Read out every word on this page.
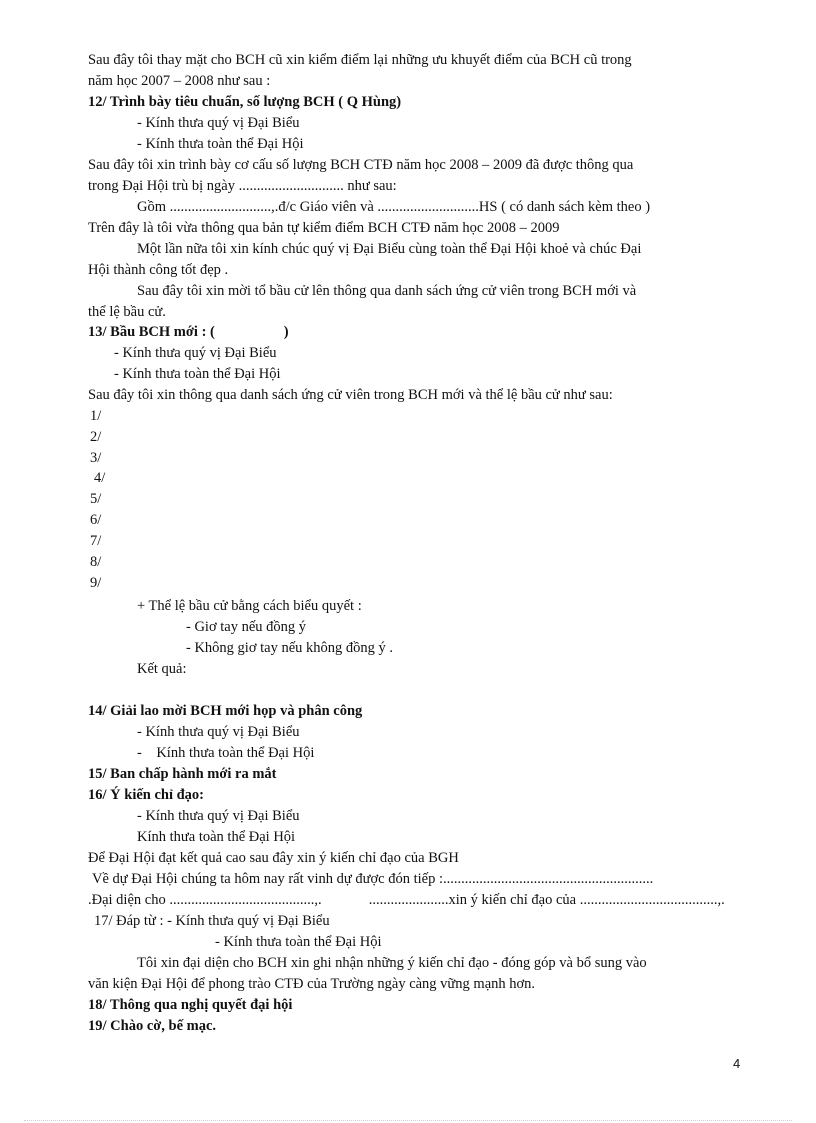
Sau đây tôi thay mặt cho BCH cũ xin kiểm điểm lại những ưu khuyết điểm của BCH cũ trong
năm học 2007 – 2008 như sau :
12/ Trình bày tiêu chuẩn, số lượng BCH ( Q Hùng)
- Kính thưa quý vị Đại Biểu
- Kính thưa toàn thể Đại Hội
Sau đây tôi xin trình bày cơ cấu số lượng BCH CTĐ năm học 2008 – 2009 đã được thông qua
trong Đại Hội trù bị ngày ............................. như sau:
Gồm ............................,.đ/c Giáo viên và ............................HS ( có danh sách kèm theo )
Trên đây là tôi vừa thông qua bản tự kiểm điểm BCH CTĐ năm học 2008 – 2009
Một lần nữa tôi xin kính chúc quý vị Đại Biểu cùng toàn thể Đại Hội khoẻ và chúc Đại
Hội thành công tốt đẹp .
Sau đây tôi xin mời tổ bầu cử lên thông qua danh sách ứng cử viên trong BCH mới và
thể lệ bầu cử.
13/ Bầu BCH mới : (                   )
- Kính thưa quý vị Đại Biểu
- Kính thưa toàn thể Đại Hội
Sau đây tôi xin thông qua danh sách ứng cử viên trong BCH mới và thể lệ bầu cử như sau:
1/
2/
3/
4/
5/
6/
7/
8/
9/
+ Thể lệ bầu cử bằng cách biểu quyết :
- Giơ tay nếu đồng ý
- Không giơ tay nếu không đồng ý .
Kết quả:
14/ Giải lao mời BCH mới họp và phân công
- Kính thưa quý vị Đại Biểu
-    Kính thưa toàn thể Đại Hội
15/ Ban chấp hành mới ra mắt
16/ Ý kiến chỉ đạo:
- Kính thưa quý vị Đại Biểu
Kính thưa toàn thể Đại Hội
Để Đại Hội đạt kết quả cao sau đây xin ý kiến chỉ đạo của BGH
Về dự Đại Hội chúng ta hôm nay rất vinh dự được đón tiếp :..........................................................
.Đại diện cho ........................................,.             ......................xin ý kiến chỉ đạo của ......................................,.
17/ Đáp từ : - Kính thưa quý vị Đại Biểu
- Kính thưa toàn thể Đại Hội
Tôi xin đại diện cho BCH xin ghi nhận những ý kiến chỉ đạo - đóng góp và bổ sung vào
văn kiện Đại Hội để phong trào CTĐ của Trường ngày càng vững mạnh hơn.
18/ Thông qua nghị quyết đại hội
19/ Chào cờ, bế mạc.
4
